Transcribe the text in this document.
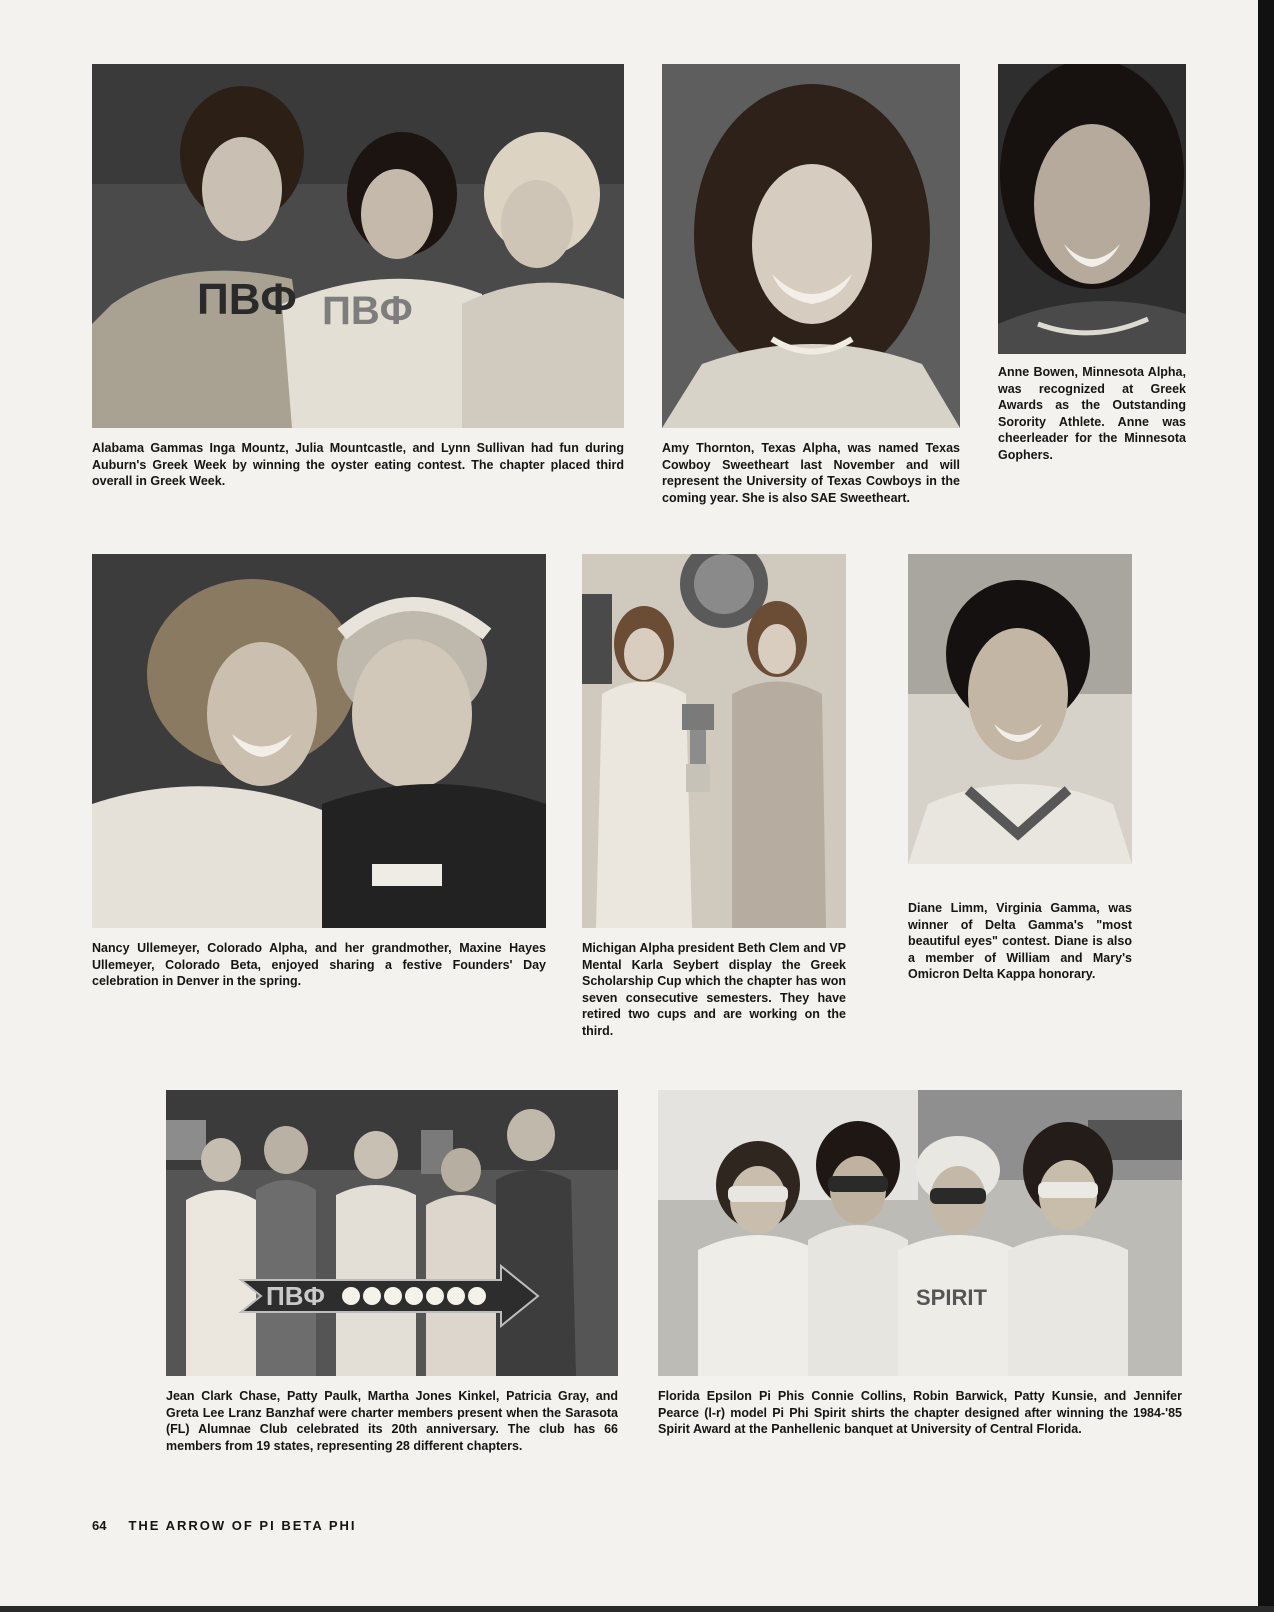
ΠΒΦ ΠΒΦ

Alabama Gammas Inga Mountz, Julia Mountcastle, and Lynn Sullivan had fun during Auburn's Greek Week by winning the oyster eating contest. The chapter placed third overall in Greek Week.

Amy Thornton, Texas Alpha, was named Texas Cowboy Sweetheart last November and will represent the University of Texas Cowboys in the coming year. She is also SAE Sweetheart.

Anne Bowen, Minnesota Alpha, was recognized at Greek Awards as the Outstanding Sorority Athlete. Anne was cheerleader for the Minnesota Gophers.

Nancy Ullemeyer, Colorado Alpha, and her grandmother, Maxine Hayes Ullemeyer, Colorado Beta, enjoyed sharing a festive Founders' Day celebration in Denver in the spring.

Michigan Alpha president Beth Clem and VP Mental Karla Seybert display the Greek Scholarship Cup which the chapter has won seven consecutive semesters. They have retired two cups and are working on the third.

Diane Limm, Virginia Gamma, was winner of Delta Gamma's "most beautiful eyes" contest. Diane is also a member of William and Mary's Omicron Delta Kappa honorary.

ΠΒΦ

Jean Clark Chase, Patty Paulk, Martha Jones Kinkel, Patricia Gray, and Greta Lee Lranz Banzhaf were charter members present when the Sarasota (FL) Alumnae Club celebrated its 20th anniversary. The club has 66 members from 19 states, representing 28 different chapters.

SPIRIT

Florida Epsilon Pi Phis Connie Collins, Robin Barwick, Patty Kunsie, and Jennifer Pearce (l-r) model Pi Phi Spirit shirts the chapter designed after winning the 1984-'85 Spirit Award at the Panhellenic banquet at University of Central Florida.

64 THE ARROW OF PI BETA PHI
